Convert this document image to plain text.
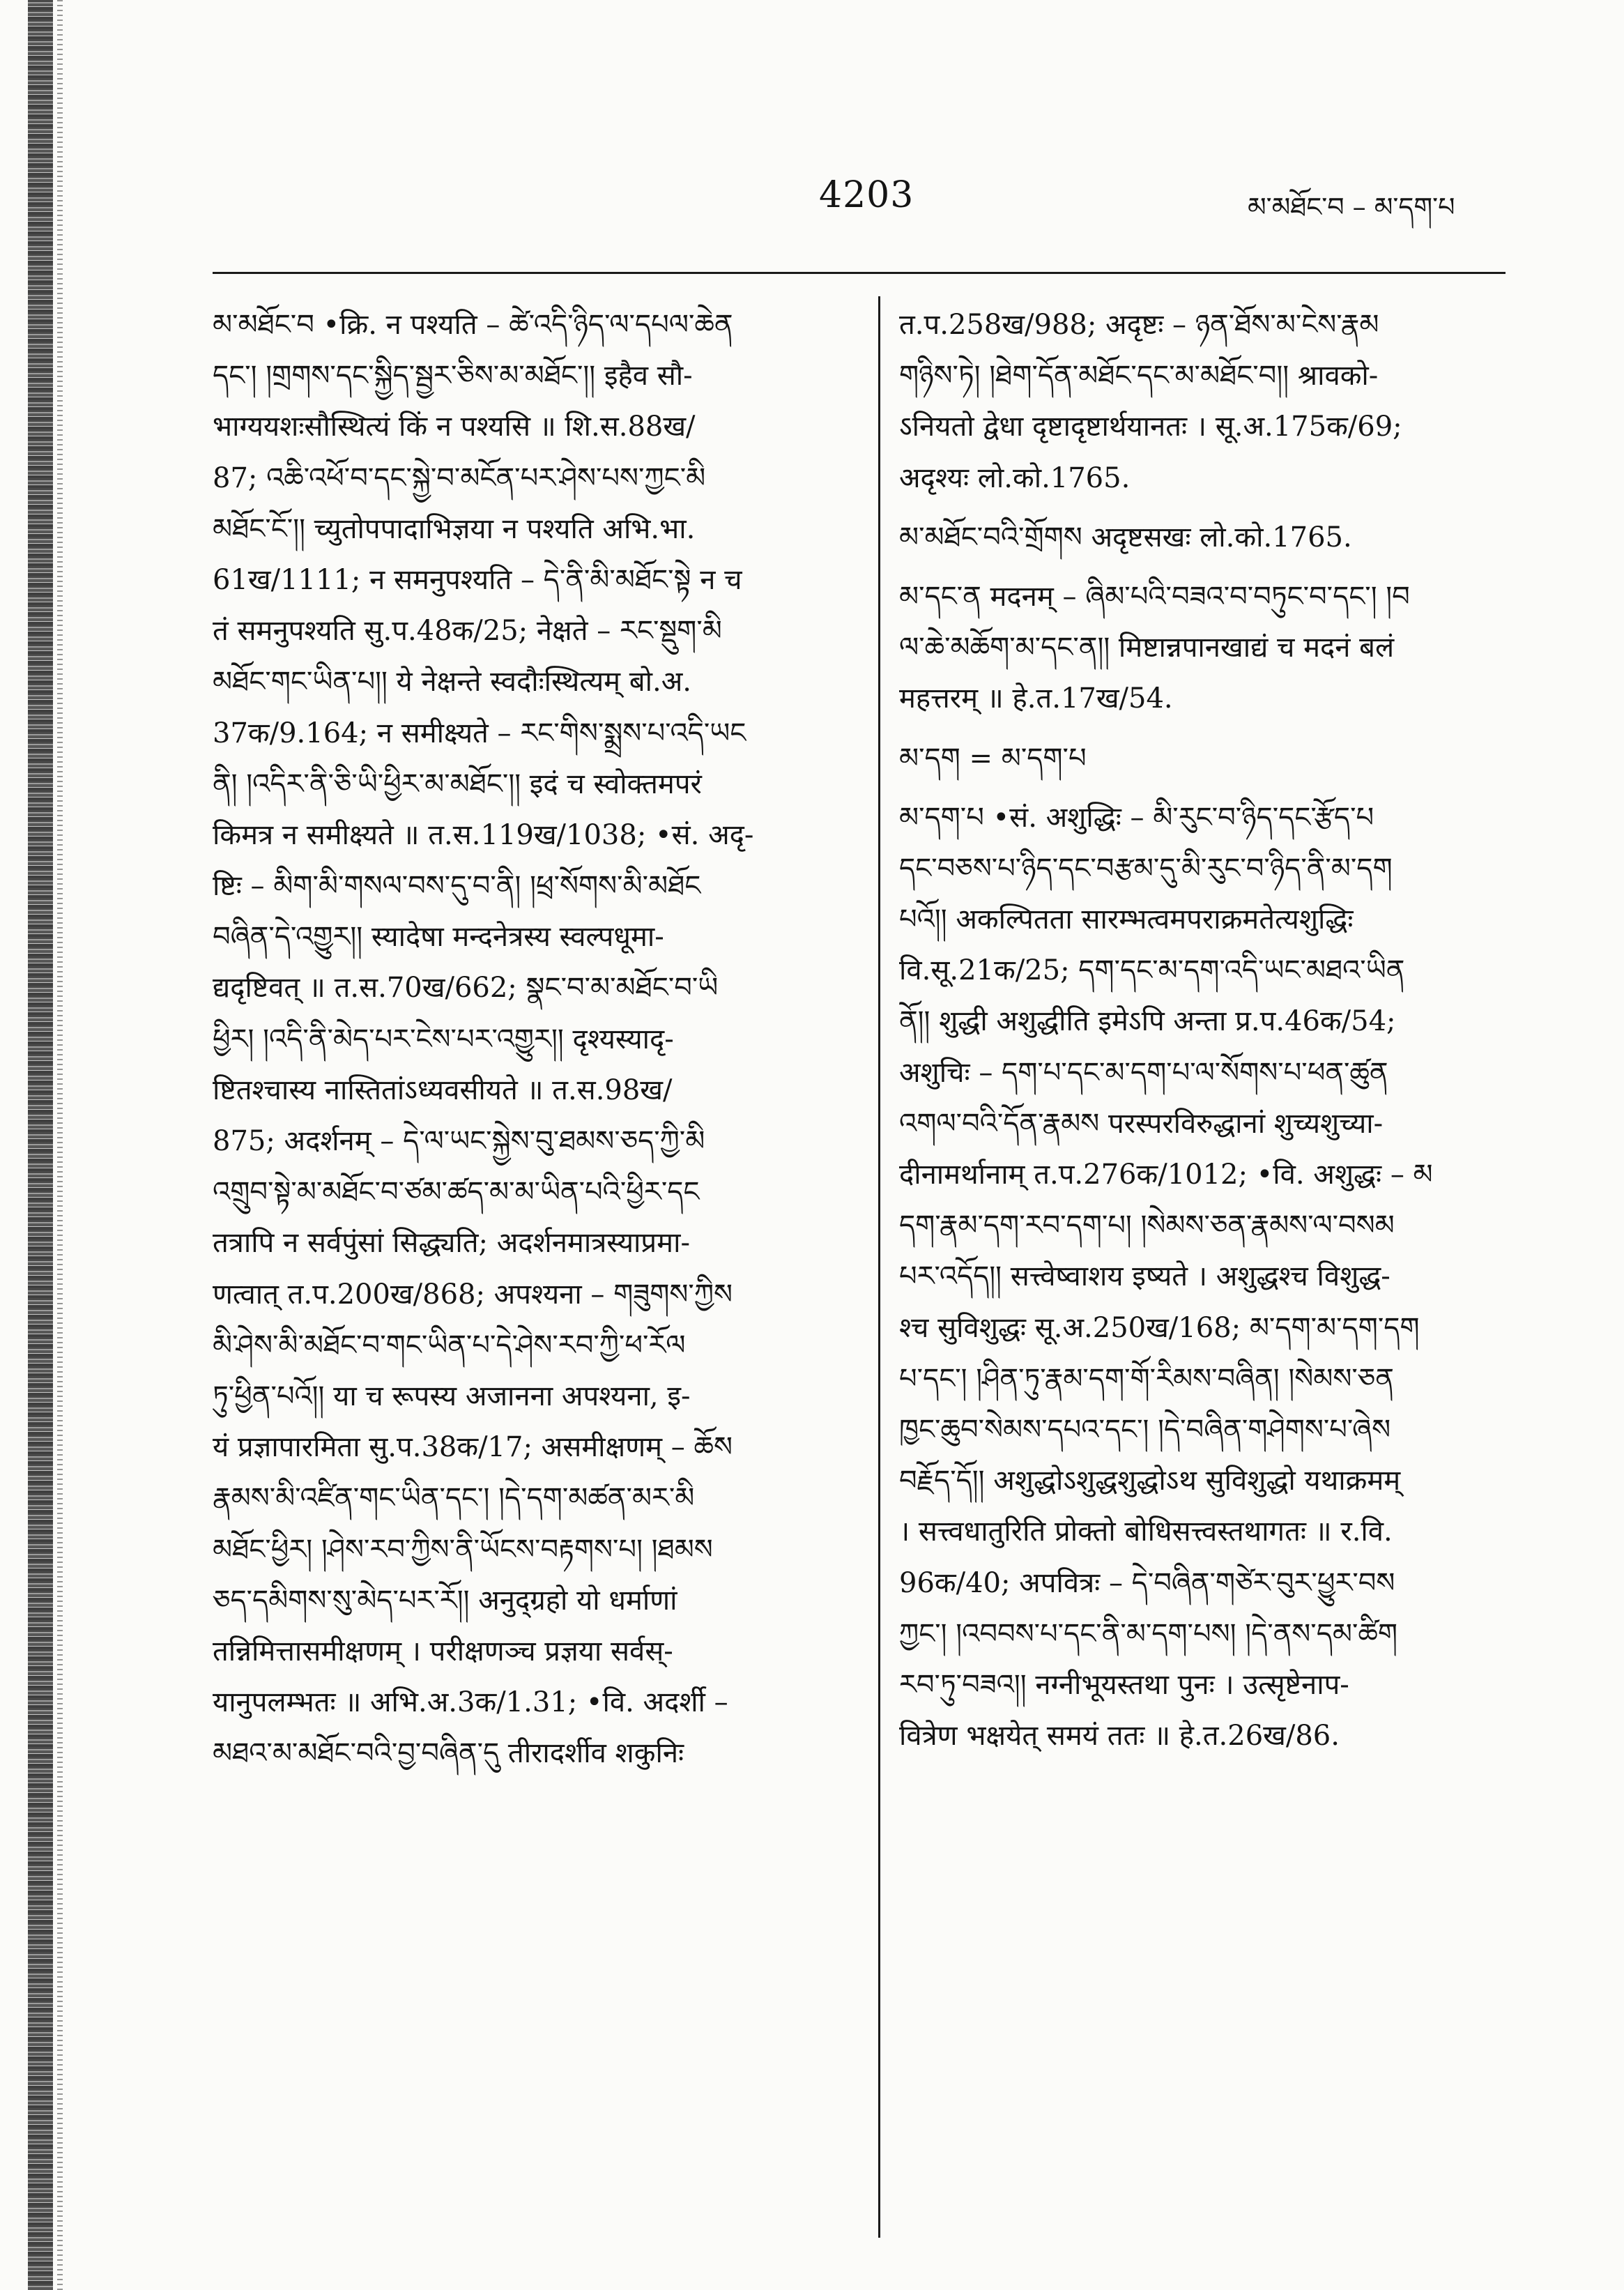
4203	མ་མཐོང་བ – མ་དག་པ
མ་མཐོང་བ •क्रि. न पश्यति – ཚེ་འདི་ཉིད་ལ་དཔལ་ཆེན
དང་། །གྲགས་དང་སྐྱིད་སྦྱར་ཅིས་མ་མཐོང་།། इहैव सौ-
भाग्ययशःसौस्थित्यं किं न पश्यसि ॥ शि.स.88ख/
87; འཆི་འཕོ་བ་དང་སྐྱེ་བ་མངོན་པར་ཤེས་པས་ཀྱང་མི
མཐོང་ངོ་།། च्युतोपपादाभिज्ञया न पश्यति अभि.भा.
61ख/1111; न समनुपश्यति – དེ་ནི་མི་མཐོང་སྟེ न च
तं समनुपश्यति सु.प.48क/25; नेक्षते – རང་སྡུག་མི
མཐོང་གང་ཡིན་པ།། ये नेक्षन्ते स्वदौःस्थित्यम् बो.अ.
37क/9.164; न समीक्ष्यते – རང་གིས་སྨྲས་པ་འདི་ཡང
ནི། །འདིར་ནི་ཅི་ཡི་ཕྱིར་མ་མཐོང་།། इदं च स्वोक्तमपरं
किमत्र न समीक्ष्यते ॥ त.स.119ख/1038; •सं. अदृ-
ष्टिः – མིག་མི་གསལ་བས་དུ་བ་ནི། །ཕྲ་སོགས་མི་མཐོང
བཞིན་དེ་འགྱུར།། स्यादेषा मन्दनेत्रस्य स्वल्पधूमा-
द्यदृष्टिवत् ॥ त.स.70ख/662; སྣང་བ་མ་མཐོང་བ་ཡི
ཕྱིར། །འདི་ནི་མེད་པར་ངེས་པར་འགྱུར།། दृश्यस्यादृ-
ष्टितश्चास्य नास्तितांऽध्यवसीयते ॥ त.स.98ख/
875; अदर्शनम् – དེ་ལ་ཡང་སྐྱེས་བུ་ཐམས་ཅད་ཀྱི་མི
འགྲུབ་སྟེ་མ་མཐོང་བ་ཙམ་ཚད་མ་མ་ཡིན་པའི་ཕྱིར་དང
तत्रापि न सर्वपुंसां सिद्ध्यति; अदर्शनमात्रस्याप्रमा-
णत्वात् त.प.200ख/868; अपश्यना – གཟུགས་ཀྱིས
མི་ཤེས་མི་མཐོང་བ་གང་ཡིན་པ་དེ་ཤེས་རབ་ཀྱི་ཕ་རོལ
ཏུ་ཕྱིན་པའོ།། या च रूपस्य अजानना अपश्यना, इ-
यं प्रज्ञापारमिता सु.प.38क/17; असमीक्षणम् – ཆོས
རྣམས་མི་འཛིན་གང་ཡིན་དང་། །དེ་དག་མཚན་མར་མི
མཐོང་ཕྱིར། །ཤེས་རབ་ཀྱིས་ནི་ཡོངས་བརྟགས་པ། །ཐམས
ཅད་དམིགས་སུ་མེད་པར་རོ།། अनुद्ग्रहो यो धर्माणां
तन्निमित्तासमीक्षणम् । परीक्षणञ्च प्रज्ञया सर्वस्-
यानुपलम्भतः ॥ अभि.अ.3क/1.31; •वि. अदर्शी –
མཐའ་མ་མཐོང་བའི་བྱ་བཞིན་དུ तीरादर्शीव शकुनिः
त.प.258ख/988; अदृष्टः – ཉན་ཐོས་མ་ངེས་རྣམ
གཉིས་ཏེ། །ཐེག་དོན་མཐོང་དང་མ་མཐོང་བ།། श्रावको-
ऽनियतो द्वेधा दृष्टादृष्टार्थयानतः । सू.अ.175क/69;
अदृश्यः लो.को.1765.
མ་མཐོང་བའི་གྲོགས अदृष्टसखः लो.को.1765.
མ་དང་ན मदनम् – ཞིམ་པའི་བཟའ་བ་བཏུང་བ་དང་། །བ
ལ་ཆེ་མཆོག་མ་དང་ན།། मिष्टान्नपानखाद्यं च मदनं बलं
महत्तरम् ॥ हे.त.17ख/54.
མ་དག = མ་དག་པ
མ་དག་པ •सं. अशुद्धिः – མི་རུང་བ་ཉིད་དང་རྩོད་པ
དང་བཅས་པ་ཉིད་དང་བརྩམ་དུ་མི་རུང་བ་ཉིད་ནི་མ་དག
པའོ།། अकल्पितता सारम्भत्वमपराक्रमतेत्यशुद्धिः
वि.सू.21क/25; དག་དང་མ་དག་འདི་ཡང་མཐའ་ཡིན
ནོ།། शुद्धी अशुद्धीति इमेऽपि अन्ता प्र.प.46क/54;
अशुचिः – དག་པ་དང་མ་དག་པ་ལ་སོགས་པ་ཕན་ཚུན
འགལ་བའི་དོན་རྣམས परस्परविरुद्धानां शुच्यशुच्या-
दीनामर्थानाम् त.प.276क/1012; •वि. अशुद्धः – མ
དག་རྣམ་དག་རབ་དག་པ། །སེམས་ཅན་རྣམས་ལ་བསམ
པར་འདོད།། सत्त्वेष्वाशय इष्यते । अशुद्धश्च विशुद्ध-
श्च सुविशुद्धः सू.अ.250ख/168; མ་དག་མ་དག་དག
པ་དང་། །ཤིན་ཏུ་རྣམ་དག་གོ་རིམས་བཞིན། །སེམས་ཅན
ཁྱང་ཆུབ་སེམས་དཔའ་དང་། །དེ་བཞིན་གཤེགས་པ་ཞེས
བརྗོད་དོ།། अशुद्धोऽशुद्धशुद्धोऽथ सुविशुद्धो यथाक्रमम्
। सत्त्वधातुरिति प्रोक्तो बोधिसत्त्वस्तथागतः ॥ र.वि.
96क/40; अपवित्रः – དེ་བཞིན་གཙེར་བུར་ཕྱུར་བས
ཀྱང་། །འབབས་པ་དང་ནི་མ་དག་པས། །དེ་ནས་དམ་ཚིག
རབ་ཏུ་བཟའ།། नग्नीभूयस्तथा पुनः । उत्सृष्टेनाप-
वित्रेण भक्षयेत् समयं ततः ॥ हे.त.26ख/86.
